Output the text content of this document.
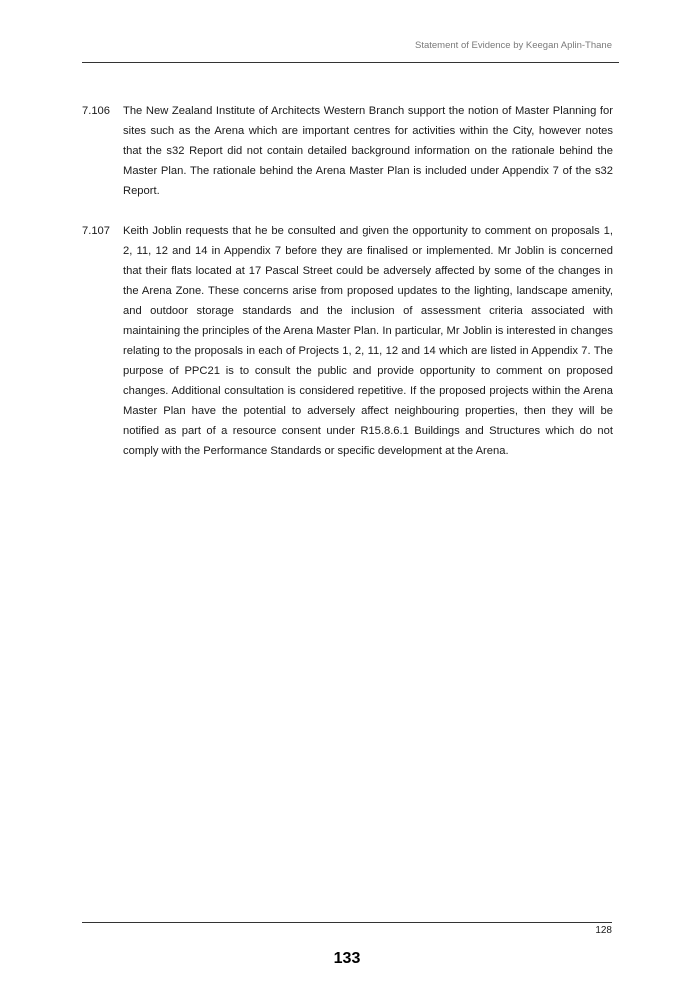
Statement of Evidence by Keegan Aplin-Thane
7.106	The New Zealand Institute of Architects Western Branch support the notion of Master Planning for sites such as the Arena which are important centres for activities within the City, however notes that the s32 Report did not contain detailed background information on the rationale behind the Master Plan. The rationale behind the Arena Master Plan is included under Appendix 7 of the s32 Report.
7.107	Keith Joblin requests that he be consulted and given the opportunity to comment on proposals 1, 2, 11, 12 and 14 in Appendix 7 before they are finalised or implemented. Mr Joblin is concerned that their flats located at 17 Pascal Street could be adversely affected by some of the changes in the Arena Zone. These concerns arise from proposed updates to the lighting, landscape amenity, and outdoor storage standards and the inclusion of assessment criteria associated with maintaining the principles of the Arena Master Plan. In particular, Mr Joblin is interested in changes relating to the proposals in each of Projects 1, 2, 11, 12 and 14 which are listed in Appendix 7. The purpose of PPC21 is to consult the public and provide opportunity to comment on proposed changes. Additional consultation is considered repetitive. If the proposed projects within the Arena Master Plan have the potential to adversely affect neighbouring properties, then they will be notified as part of a resource consent under R15.8.6.1 Buildings and Structures which do not comply with the Performance Standards or specific development at the Arena.
128
133
